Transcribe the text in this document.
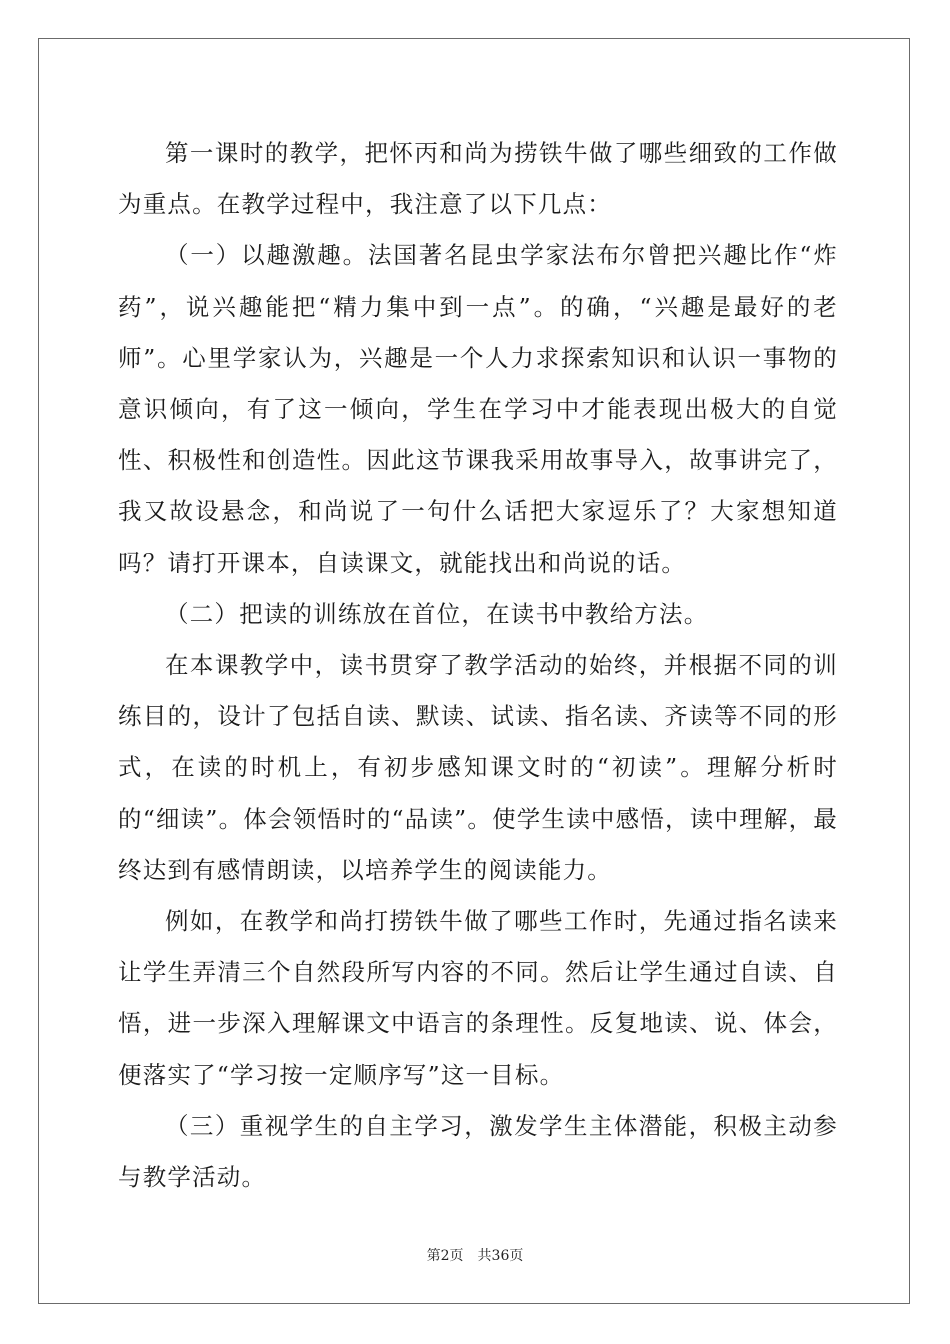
第一课时的教学，把怀丙和尚为捞铁牛做了哪些细致的工作做为重点。在教学过程中，我注意了以下几点：

（一）以趣激趣。法国著名昆虫学家法布尔曾把兴趣比作“炸药”，说兴趣能把“精力集中到一点”。的确，“兴趣是最好的老师”。心里学家认为，兴趣是一个人力求探索知识和认识一事物的意识倾向，有了这一倾向，学生在学习中才能表现出极大的自觉性、积极性和创造性。因此这节课我采用故事导入，故事讲完了，我又故设悬念，和尚说了一句什么话把大家逗乐了？大家想知道吗？请打开课本，自读课文，就能找出和尚说的话。

（二）把读的训练放在首位，在读书中教给方法。

在本课教学中，读书贯穿了教学活动的始终，并根据不同的训练目的，设计了包括自读、默读、试读、指名读、齐读等不同的形式，在读的时机上，有初步感知课文时的“初读”。理解分析时的“细读”。体会领悟时的“品读”。使学生读中感悟，读中理解，最终达到有感情朗读，以培养学生的阅读能力。

例如，在教学和尚打捞铁牛做了哪些工作时，先通过指名读来让学生弄清三个自然段所写内容的不同。然后让学生通过自读、自悟，进一步深入理解课文中语言的条理性。反复地读、说、体会，便落实了“学习按一定顺序写”这一目标。

（三）重视学生的自主学习，激发学生主体潜能，积极主动参与教学活动。

第2页 共36页
